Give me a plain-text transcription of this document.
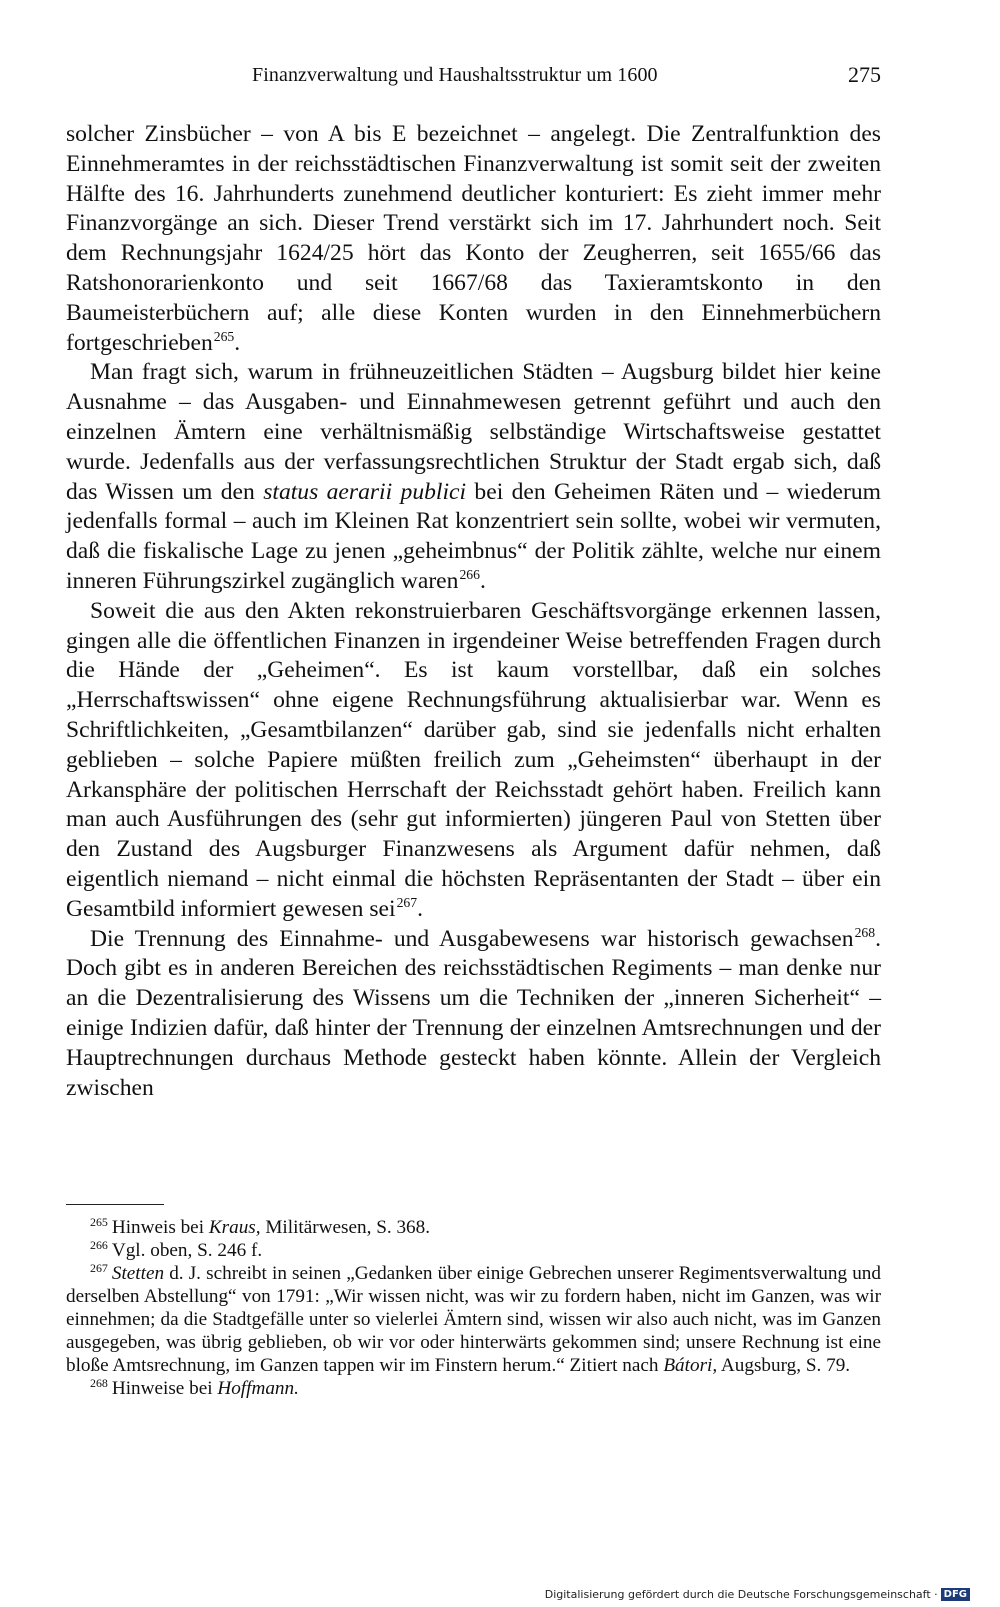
Finanzverwaltung und Haushaltsstruktur um 1600	275

solcher Zinsbücher – von A bis E bezeichnet – angelegt. Die Zentralfunktion des Einnehmeramtes in der reichsstädtischen Finanzverwaltung ist somit seit der zweiten Hälfte des 16. Jahrhunderts zunehmend deutlicher konturiert: Es zieht immer mehr Finanzvorgänge an sich. Dieser Trend verstärkt sich im 17. Jahrhundert noch. Seit dem Rechnungsjahr 1624/25 hört das Konto der Zeugherren, seit 1655/66 das Ratshonorarienkonto und seit 1667/68 das Taxieramtskonto in den Baumeisterbüchern auf; alle diese Konten wurden in den Einnehmerbüchern fortgeschrieben$^{265}$.

Man fragt sich, warum in frühneuzeitlichen Städten – Augsburg bildet hier keine Ausnahme – das Ausgaben- und Einnahmewesen getrennt geführt und auch den einzelnen Ämtern eine verhältnismäßig selbständige Wirtschaftsweise gestattet wurde. Jedenfalls aus der verfassungsrechtlichen Struktur der Stadt ergab sich, daß das Wissen um den status aerarii publici bei den Geheimen Räten und – wiederum jedenfalls formal – auch im Kleinen Rat konzentriert sein sollte, wobei wir vermuten, daß die fiskalische Lage zu jenen „geheimbnus“ der Politik zählte, welche nur einem inneren Führungszirkel zugänglich waren$^{266}$.

Soweit die aus den Akten rekonstruierbaren Geschäftsvorgänge erkennen lassen, gingen alle die öffentlichen Finanzen in irgendeiner Weise betreffenden Fragen durch die Hände der „Geheimen“. Es ist kaum vorstellbar, daß ein solches „Herrschaftswissen“ ohne eigene Rechnungsführung aktualisierbar war. Wenn es Schriftlichkeiten, „Gesamtbilanzen“ darüber gab, sind sie jedenfalls nicht erhalten geblieben – solche Papiere müßten freilich zum „Geheimsten“ überhaupt in der Arkansphäre der politischen Herrschaft der Reichsstadt gehört haben. Freilich kann man auch Ausführungen des (sehr gut informierten) jüngeren Paul von Stetten über den Zustand des Augsburger Finanzwesens als Argument dafür nehmen, daß eigentlich niemand – nicht einmal die höchsten Repräsentanten der Stadt – über ein Gesamtbild informiert gewesen sei$^{267}$.

Die Trennung des Einnahme- und Ausgabewesens war historisch gewachsen$^{268}$. Doch gibt es in anderen Bereichen des reichsstädtischen Regiments – man denke nur an die Dezentralisierung des Wissens um die Techniken der „inneren Sicherheit“ – einige Indizien dafür, daß hinter der Trennung der einzelnen Amtsrechnungen und der Hauptrechnungen durchaus Methode gesteckt haben könnte. Allein der Vergleich zwischen

$^{265}$ Hinweis bei Kraus, Militärwesen, S. 368.

$^{266}$ Vgl. oben, S. 246 f.

$^{267}$ Stetten d. J. schreibt in seinen „Gedanken über einige Gebrechen unserer Regimentsverwaltung und derselben Abstellung“ von 1791: „Wir wissen nicht, was wir zu fordern haben, nicht im Ganzen, was wir einnehmen; da die Stadtgefälle unter so vielerlei Ämtern sind, wissen wir also auch nicht, was im Ganzen ausgegeben, was übrig geblieben, ob wir vor oder hinterwärts gekommen sind; unsere Rechnung ist eine bloße Amtsrechnung, im Ganzen tappen wir im Finstern herum.“ Zitiert nach Bátori, Augsburg, S. 79.

$^{268}$ Hinweise bei Hoffmann.

Digitalisierung gefördert durch die Deutsche Forschungsgemeinschaft · DFG
